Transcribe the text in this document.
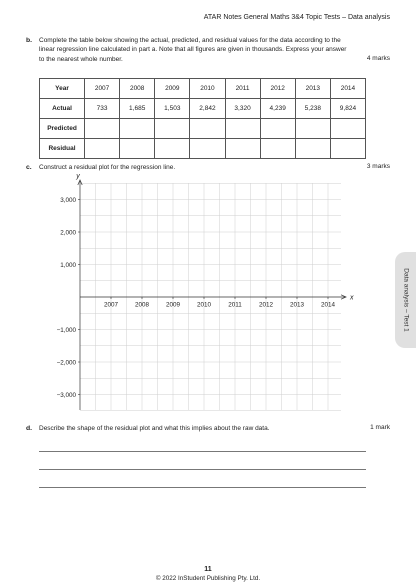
ATAR Notes General Maths 3&4 Topic Tests – Data analysis
b. Complete the table below showing the actual, predicted, and residual values for the data according to the
linear regression line calculated in part a. Note that all figures are given in thousands. Express your answer
to the nearest whole number.	4 marks
Year	2007	2008	2009	2010	2011	2012	2013	2014
Actual	733	1,685	1,503	2,842	3,320	4,239	5,238	9,824
Predicted								
Residual								
c. Construct a residual plot for the regression line.	3 marks
y
x
3,000
2,000
1,000
−1,000
−2,000
−3,000
2007	2008	2009	2010	2011	2012	2013	2014
d. Describe the shape of the residual plot and what this implies about the raw data.	1 mark
Data analysis – Test 1
11
© 2022 InStudent Publishing Pty. Ltd.
